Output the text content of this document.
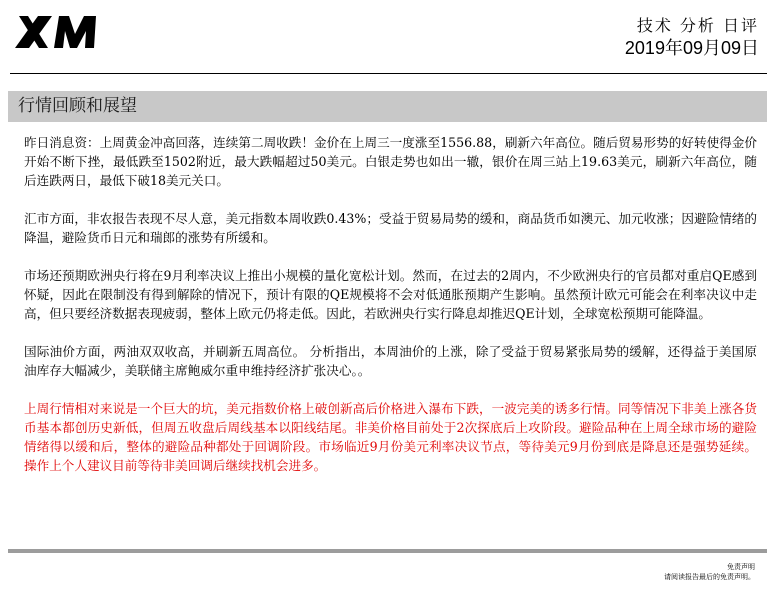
技术 分析 日评
2019年09月09日
行情回顾和展望

昨日消息资：上周黄金冲高回落，连续第二周收跌！金价在上周三一度涨至1556.88，刷新六年高位。随后贸易形势的好转使得金价开始不断下挫，最低跌至1502附近，最大跌幅超过50美元。白银走势也如出一辙，银价在周三站上19.63美元，刷新六年高位，随后连跌两日，最低下破18美元关口。

汇市方面，非农报告表现不尽人意，美元指数本周收跌0.43%；受益于贸易局势的缓和，商品货币如澳元、加元收涨；因避险情绪的降温，避险货币日元和瑞郎的涨势有所缓和。

市场还预期欧洲央行将在9月利率决议上推出小规模的量化宽松计划。然而，在过去的2周内，不少欧洲央行的官员都对重启QE感到怀疑，因此在限制没有得到解除的情况下，预计有限的QE规模将不会对低通胀预期产生影响。虽然预计欧元可能会在利率决议中走高，但只要经济数据表现疲弱，整体上欧元仍将走低。因此，若欧洲央行实行降息却推迟QE计划，全球宽松预期可能降温。

国际油价方面，两油双双收高，并刷新五周高位。 分析指出，本周油价的上涨，除了受益于贸易紧张局势的缓解，还得益于美国原油库存大幅减少，美联储主席鲍威尔重申维持经济扩张决心。。

上周行情相对来说是一个巨大的坑，美元指数价格上破创新高后价格进入瀑布下跌，一波完美的诱多行情。同等情况下非美上涨各货币基本都创历史新低，但周五收盘后周线基本以阳线结尾。非美价格目前处于2次探底后上攻阶段。避险品种在上周全球市场的避险情绪得以缓和后，整体的避险品种都处于回调阶段。市场临近9月份美元利率决议节点，等待美元9月份到底是降息还是强势延续。操作上个人建议目前等待非美回调后继续找机会进多。

免责声明
请阅读报告最后的免责声明。
